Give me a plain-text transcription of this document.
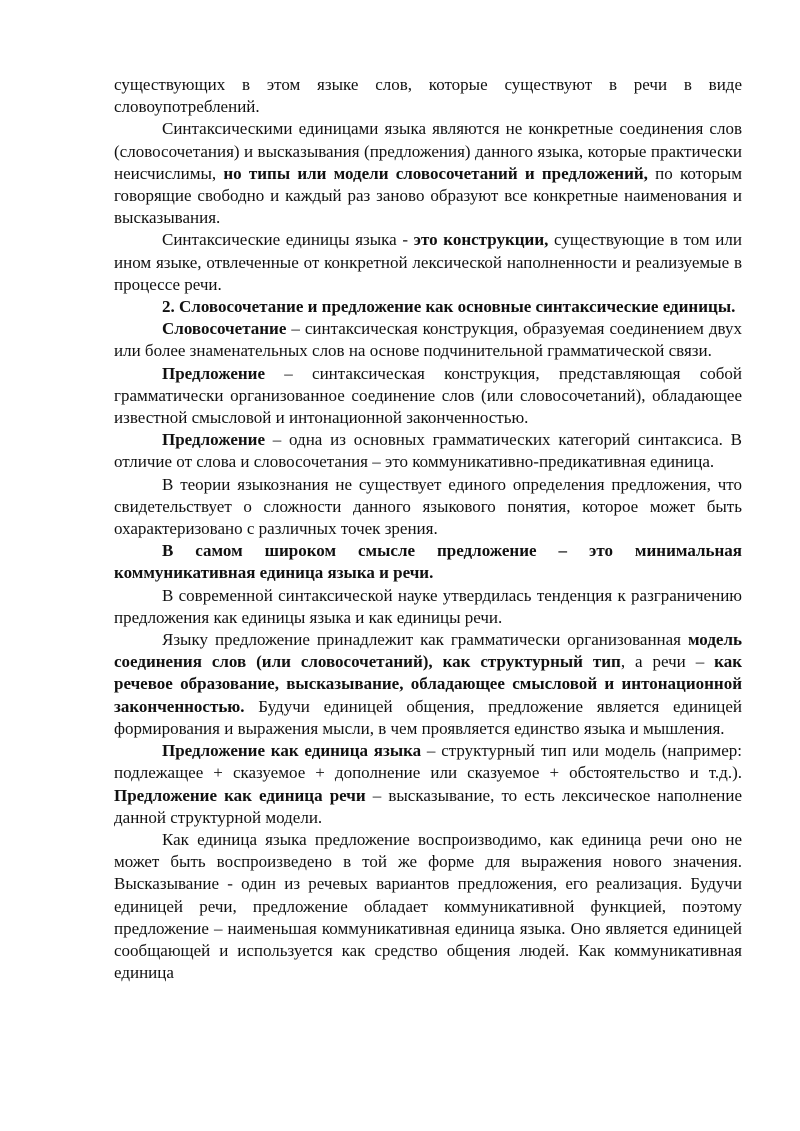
существующих в этом языке слов, которые существуют в речи в виде словоупотреблений.

Синтаксическими единицами языка являются не конкретные соединения слов (словосочетания) и высказывания (предложения) данного языка, которые практически неисчислимы, но типы или модели словосочетаний и предложений, по которым говорящие свободно и каждый раз заново образуют все конкретные наименования и высказывания.

Синтаксические единицы языка - это конструкции, существующие в том или ином языке, отвлеченные от конкретной лексической наполненности и реализуемые в процессе речи.

2. Словосочетание и предложение как основные синтаксические единицы.

Словосочетание – синтаксическая конструкция, образуемая соединением двух или более знаменательных слов на основе подчинительной грамматической связи.

Предложение – синтаксическая конструкция, представляющая собой грамматически организованное соединение слов (или словосочетаний), обладающее известной смысловой и интонационной законченностью.

Предложение – одна из основных грамматических категорий синтаксиса. В отличие от слова и словосочетания – это коммуникативно-предикативная единица.

В теории языкознания не существует единого определения предложения, что свидетельствует о сложности данного языкового понятия, которое может быть охарактеризовано с различных точек зрения.

В самом широком смысле предложение – это минимальная коммуникативная единица языка и речи.

В современной синтаксической науке утвердилась тенденция к разграничению предложения как единицы языка и как единицы речи.

Языку предложение принадлежит как грамматически организованная модель соединения слов (или словосочетаний), как структурный тип, а речи – как речевое образование, высказывание, обладающее смысловой и интонационной законченностью. Будучи единицей общения, предложение является единицей формирования и выражения мысли, в чем проявляется единство языка и мышления.

Предложение как единица языка – структурный тип или модель (например: подлежащее + сказуемое + дополнение или сказуемое + обстоятельство и т.д.). Предложение как единица речи – высказывание, то есть лексическое наполнение данной структурной модели.

Как единица языка предложение воспроизводимо, как единица речи оно не может быть воспроизведено в той же форме для выражения нового значения. Высказывание - один из речевых вариантов предложения, его реализация. Будучи единицей речи, предложение обладает коммуникативной функцией, поэтому предложение – наименьшая коммуникативная единица языка. Оно является единицей сообщающей и используется как средство общения людей. Как коммуникативная единица
